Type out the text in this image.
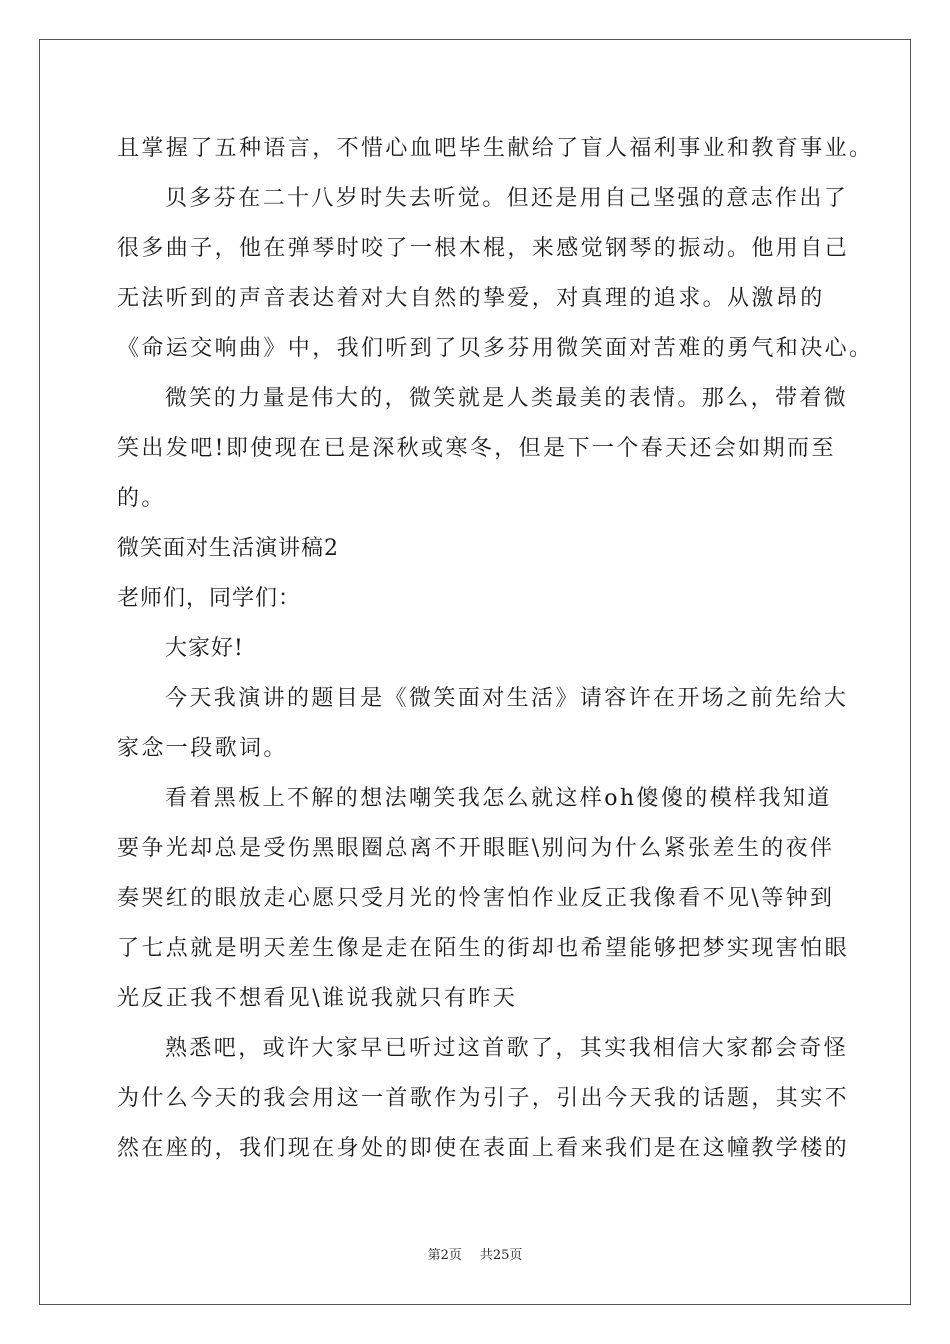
且掌握了五种语言，不惜心血吧毕生献给了盲人福利事业和教育事业。
贝多芬在二十八岁时失去听觉。但还是用自己坚强的意志作出了
很多曲子，他在弹琴时咬了一根木棍，来感觉钢琴的振动。他用自己
无法听到的声音表达着对大自然的挚爱，对真理的追求。从激昂的
《命运交响曲》中，我们听到了贝多芬用微笑面对苦难的勇气和决心。
微笑的力量是伟大的，微笑就是人类最美的表情。那么，带着微
笑出发吧!即使现在已是深秋或寒冬，但是下一个春天还会如期而至
的。
微笑面对生活演讲稿2
老师们，同学们：
大家好!
今天我演讲的题目是《微笑面对生活》请容许在开场之前先给大
家念一段歌词。
看着黑板上不解的想法嘲笑我怎么就这样oh傻傻的模样我知道
要争光却总是受伤黑眼圈总离不开眼眶\别问为什么紧张差生的夜伴
奏哭红的眼放走心愿只受月光的怜害怕作业反正我像看不见\等钟到
了七点就是明天差生像是走在陌生的街却也希望能够把梦实现害怕眼
光反正我不想看见\谁说我就只有昨天
熟悉吧，或许大家早已听过这首歌了，其实我相信大家都会奇怪
为什么今天的我会用这一首歌作为引子，引出今天我的话题，其实不
然在座的，我们现在身处的即使在表面上看来我们是在这幢教学楼的
第2页 共25页
